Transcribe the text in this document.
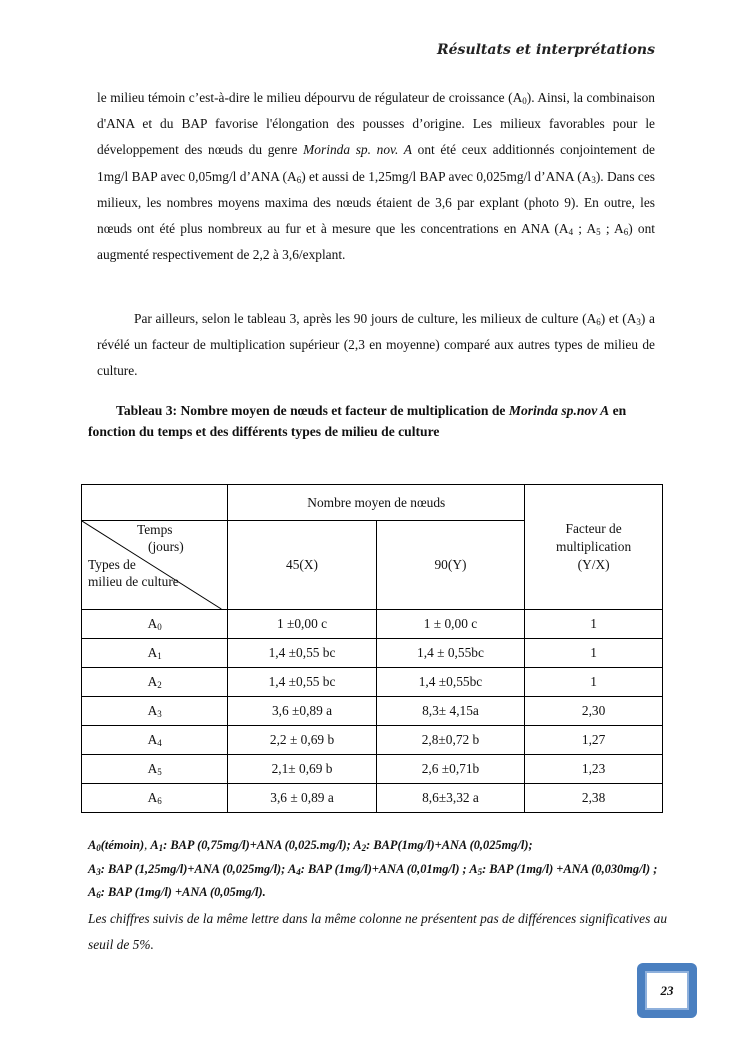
Résultats et interprétations

le milieu témoin c’est-à-dire le milieu dépourvu de régulateur de croissance $(A_0)$. Ainsi, la combinaison d'ANA et du BAP favorise l'élongation des pousses d’origine. Les milieux favorables pour le développement des nœuds du genre Morinda sp. nov. A ont été ceux additionnés conjointement de 1mg/l BAP avec 0,05mg/l d’ANA $(A_6)$ et aussi de 1,25mg/l BAP avec 0,025mg/l d’ANA $(A_3)$. Dans ces milieux, les nombres moyens maxima des nœuds étaient de 3,6 par explant (photo 9). En outre, les nœuds ont été plus nombreux au fur et à mesure que les concentrations en ANA ($A_4$ ; $A_5$ ; $A_6$) ont augmenté respectivement de 2,2 à 3,6/explant.

Par ailleurs, selon le tableau 3, après les 90 jours de culture, les milieux de culture $(A_6)$ et $(A_3)$ a révélé un facteur de multiplication supérieur (2,3 en moyenne) comparé aux autres types de milieu de culture.

Tableau 3: Nombre moyen de nœuds et facteur de multiplication de Morinda sp.nov A en fonction du temps et des différents types de milieu de culture

	Nombre moyen de nœuds		Facteur de multiplication (Y/X)

Temps
(jours)
Types de
milieu de culture	45(X)	90(Y)	
$A_0$	1 ±0,00 c	1 ± 0,00 c	1
$A_1$	1,4 ±0,55 bc	1,4 ± 0,55bc	1
$A_2$	1,4 ±0,55 bc	1,4 ±0,55bc	1
$A_3$	3,6 ±0,89 a	8,3± 4,15a	2,30
$A_4$	2,2 ± 0,69 b	2,8±0,72 b	1,27
$A_5$	2,1± 0,69 b	2,6 ±0,71b	1,23
$A_6$	3,6 ± 0,89 a	8,6±3,32 a	2,38

$A_0(témoin)$, $A_1$: BAP (0,75mg/l)+ANA (0,025.mg/l); $A_2$: BAP(1mg/l)+ANA (0,025mg/l);
$A_3$: BAP (1,25mg/l)+ANA (0,025mg/l); $A_4$: BAP (1mg/l)+ANA (0,01mg/l) ; $A_5$: BAP (1mg/l) +ANA (0,030mg/l) ; $A_6$: BAP (1mg/l) +ANA (0,05mg/l).

Les chiffres suivis de la même lettre dans la même colonne ne présentent pas de différences significatives au seuil de 5%.

23
